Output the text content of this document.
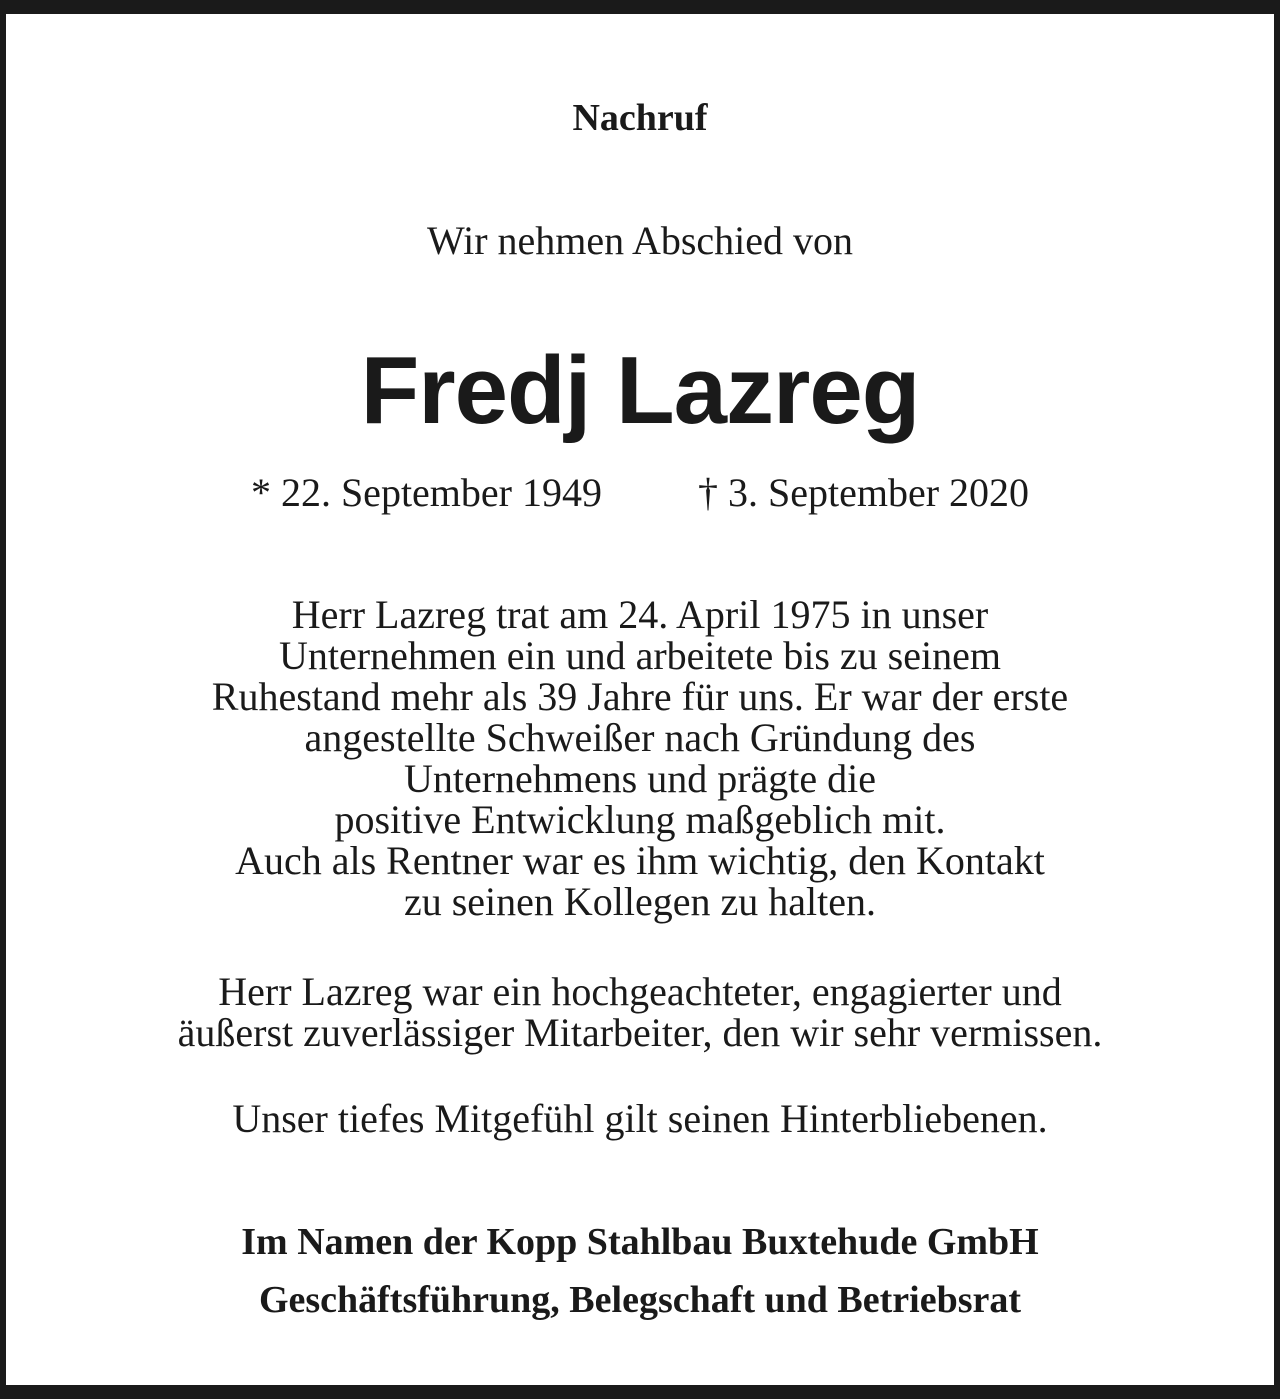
Nachruf
Wir nehmen Abschied von
Fredj Lazreg
* 22. September 1949 † 3. September 2020
Herr Lazreg trat am 24. April 1975 in unser
Unternehmen ein und arbeitete bis zu seinem
Ruhestand mehr als 39 Jahre für uns. Er war der erste
angestellte Schweißer nach Gründung des
Unternehmens und prägte die
positive Entwicklung maßgeblich mit.
Auch als Rentner war es ihm wichtig, den Kontakt
zu seinen Kollegen zu halten.
Herr Lazreg war ein hochgeachteter, engagierter und
äußerst zuverlässiger Mitarbeiter, den wir sehr vermissen.
Unser tiefes Mitgefühl gilt seinen Hinterbliebenen.
Im Namen der Kopp Stahlbau Buxtehude GmbH
Geschäftsführung, Belegschaft und Betriebsrat
